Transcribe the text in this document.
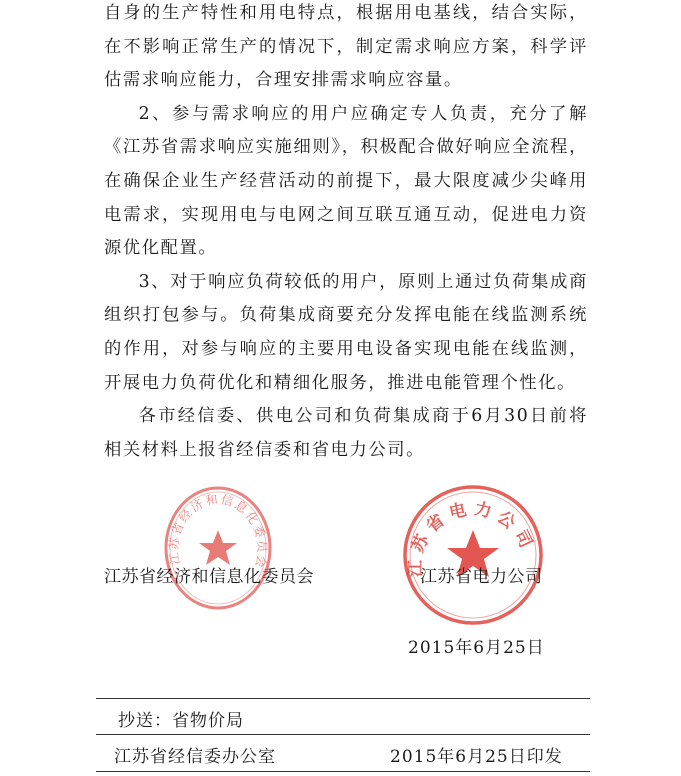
自身的生产特性和用电特点，根据用电基线，结合实际，在不影响正常生产的情况下，制定需求响应方案，科学评估需求响应能力，合理安排需求响应容量。

2、参与需求响应的用户应确定专人负责，充分了解《江苏省需求响应实施细则》，积极配合做好响应全流程，在确保企业生产经营活动的前提下，最大限度减少尖峰用电需求，实现用电与电网之间互联互通互动，促进电力资源优化配置。

3、对于响应负荷较低的用户，原则上通过负荷集成商组织打包参与。负荷集成商要充分发挥电能在线监测系统的作用，对参与响应的主要用电设备实现电能在线监测，开展电力负荷优化和精细化服务，推进电能管理个性化。

各市经信委、供电公司和负荷集成商于6月30日前将相关材料上报省经信委和省电力公司。

江苏省经济和信息化委员会	江苏省电力公司
江苏省经济和信息化委员会	江苏省电力公司
2015年6月25日
抄送：省物价局
江苏省经信委办公室	2015年6月25日印发
